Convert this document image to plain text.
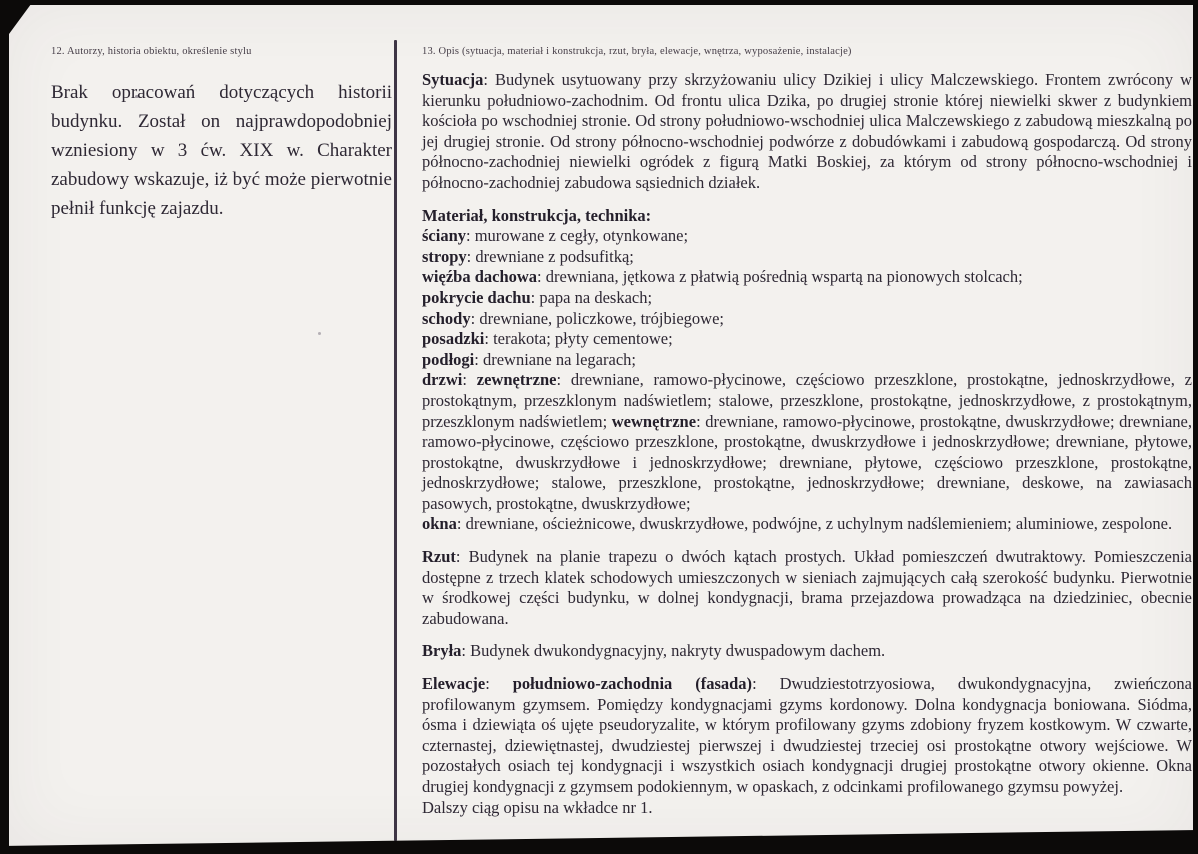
12. Autorzy, historia obiektu, określenie stylu

Brak opracowań dotyczących historii budynku. Został on najprawdopodobniej wzniesiony w 3 ćw. XIX w. Charakter zabudowy wskazuje, iż być może pierwotnie pełnił funkcję zajazdu.

13. Opis (sytuacja, materiał i konstrukcja, rzut, bryła, elewacje, wnętrza, wyposażenie, instalacje)

Sytuacja: Budynek usytuowany przy skrzyżowaniu ulicy Dzikiej i ulicy Malczewskiego. Frontem zwrócony w kierunku południowo-zachodnim. Od frontu ulica Dzika, po drugiej stronie której niewielki skwer z budynkiem kościoła po wschodniej stronie. Od strony południowo-wschodniej ulica Malczewskiego z zabudową mieszkalną po jej drugiej stronie. Od strony północno-wschodniej podwórze z dobudówkami i zabudową gospodarczą. Od strony północno-zachodniej niewielki ogródek z figurą Matki Boskiej, za którym od strony północno-wschodniej i północno-zachodniej zabudowa sąsiednich działek.

Materiał, konstrukcja, technika:

ściany: murowane z cegły, otynkowane;

stropy: drewniane z podsufitką;

więźba dachowa: drewniana, jętkowa z płatwią pośrednią wspartą na pionowych stolcach;

pokrycie dachu: papa na deskach;

schody: drewniane, policzkowe, trójbiegowe;

posadzki: terakota; płyty cementowe;

podłogi: drewniane na legarach;

drzwi: zewnętrzne: drewniane, ramowo-płycinowe, częściowo przeszklone, prostokątne, jednoskrzydłowe, z prostokątnym, przeszklonym nadświetlem; stalowe, przeszklone, prostokątne, jednoskrzydłowe, z prostokątnym, przeszklonym nadświetlem; wewnętrzne: drewniane, ramowo-płycinowe, prostokątne, dwuskrzydłowe; drewniane, ramowo-płycinowe, częściowo przeszklone, prostokątne, dwuskrzydłowe i jednoskrzydłowe; drewniane, płytowe, prostokątne, dwuskrzydłowe i jednoskrzydłowe; drewniane, płytowe, częściowo przeszklone, prostokątne, jednoskrzydłowe; stalowe, przeszklone, prostokątne, jednoskrzydłowe; drewniane, deskowe, na zawiasach pasowych, prostokątne, dwuskrzydłowe;

okna: drewniane, ościeżnicowe, dwuskrzydłowe, podwójne, z uchylnym nadślemieniem; aluminiowe, zespolone.

Rzut: Budynek na planie trapezu o dwóch kątach prostych. Układ pomieszczeń dwutraktowy. Pomieszczenia dostępne z trzech klatek schodowych umieszczonych w sieniach zajmujących całą szerokość budynku. Pierwotnie w środkowej części budynku, w dolnej kondygnacji, brama przejazdowa prowadząca na dziedziniec, obecnie zabudowana.

Bryła: Budynek dwukondygnacyjny, nakryty dwuspadowym dachem.

Elewacje: południowo-zachodnia (fasada): Dwudziestotrzyosiowa, dwukondygnacyjna, zwieńczona profilowanym gzymsem. Pomiędzy kondygnacjami gzyms kordonowy. Dolna kondygnacja boniowana. Siódma, ósma i dziewiąta oś ujęte pseudoryzalite, w którym profilowany gzyms zdobiony fryzem kostkowym. W czwarte, czternastej, dziewiętnastej, dwudziestej pierwszej i dwudziestej trzeciej osi prostokątne otwory wejściowe. W pozostałych osiach tej kondygnacji i wszystkich osiach kondygnacji drugiej prostokątne otwory okienne. Okna drugiej kondygnacji z gzymsem podokiennym, w opaskach, z odcinkami profilowanego gzymsu powyżej.

Dalszy ciąg opisu na wkładce nr 1.
